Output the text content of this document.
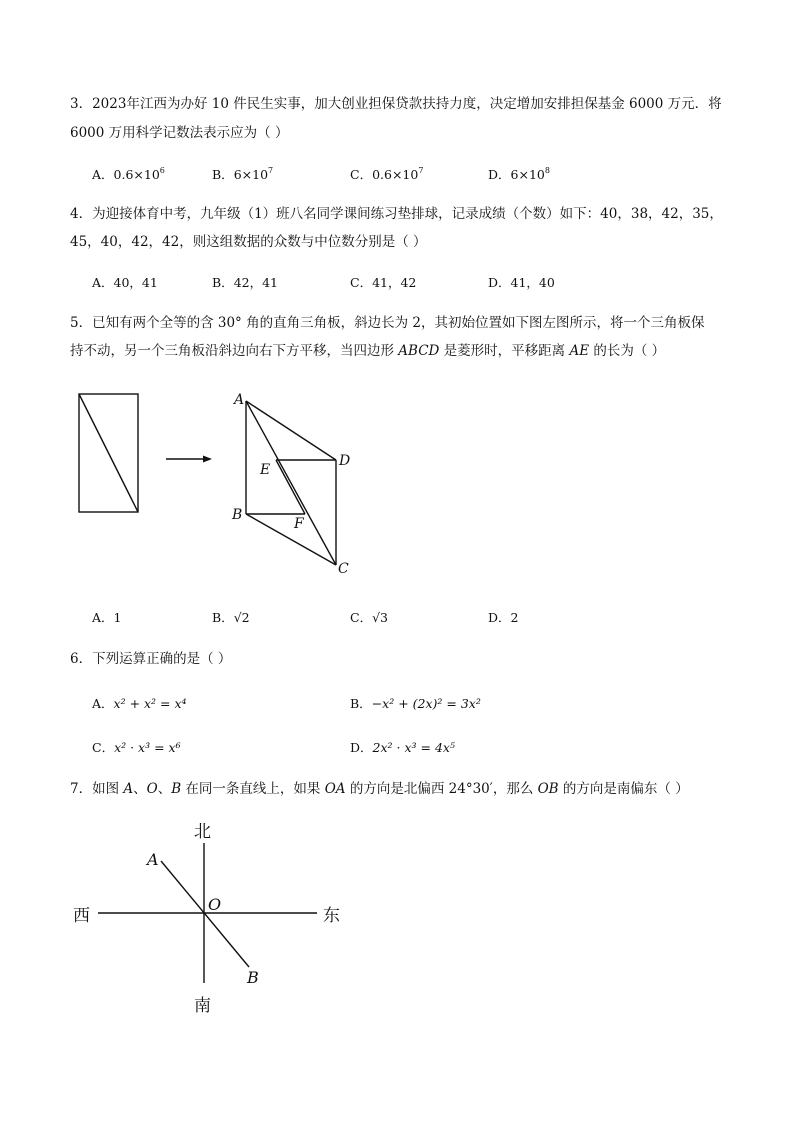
3．2023年江西为办好 10 件民生实事，加大创业担保贷款扶持力度，决定增加安排担保基金 6000 万元．将
6000 万用科学记数法表示应为（ ）
A．$0.6\times 10^6$	B．$6\times 10^7$	C．$0.6\times 10^7$	D．$6\times 10^8$
4．为迎接体育中考，九年级（1）班八名同学课间练习垫排球，记录成绩（个数）如下：40，38，42，35，
45，40，42，42，则这组数据的众数与中位数分别是（ ）
A．40，41	B．42，41	C．41，42	D．41，40
5．已知有两个全等的含 30° 角的直角三角板，斜边长为 2，其初始位置如下图左图所示，将一个三角板保
持不动，另一个三角板沿斜边向右下方平移，当四边形 ABCD 是菱形时，平移距离 AE 的长为（ ）
A
B
C
D
E
F
A．1	B．√2	C．√3	D．2
6．下列运算正确的是（ ）
A．x² + x² = x⁴	B．−x² + (2x)² = 3x²
C．x² · x³ = x⁶	D．2x² · x³ = 4x⁵
7．如图 A、O、B 在同一条直线上，如果 OA 的方向是北偏西 24°30′，那么 OB 的方向是南偏东（ ）
北
南
西	东
A
O
B
